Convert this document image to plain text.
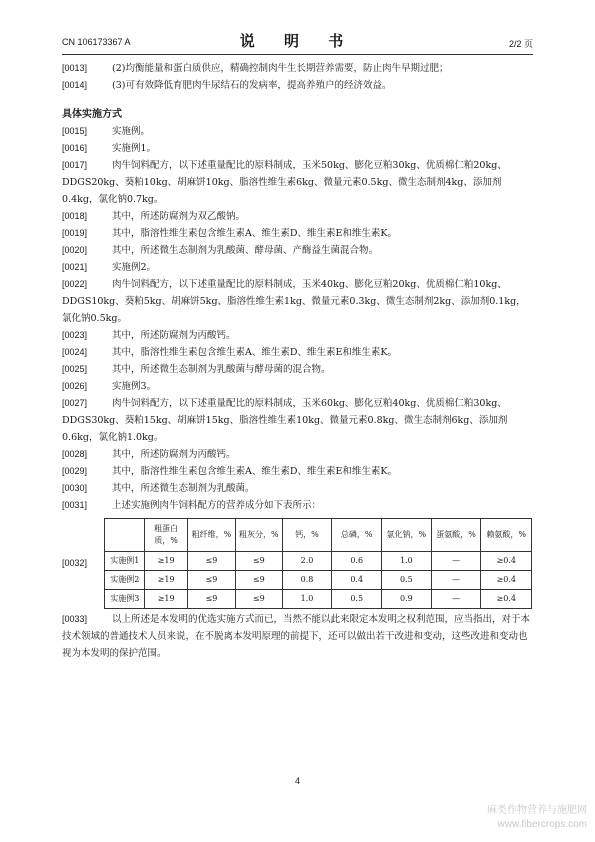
CN 106173367 A	说 明 书	2/2 页

[0013]	(2)均衡能量和蛋白质供应，精确控制肉牛生长期营养需要，防止肉牛早期过肥；

[0014]	(3)可有效降低育肥肉牛尿结石的发病率，提高养殖户的经济效益。

具体实施方式

[0015]	实施例。

[0016]	实施例1。

[0017]	肉牛饲料配方，以下述重量配比的原料制成，玉米50kg、膨化豆粕30kg、优质棉仁粕20kg、DDGS20kg、葵粕10kg、胡麻饼10kg、脂溶性维生素6kg、微量元素0.5kg、微生态制剂4kg、添加剂0.4kg，氯化钠0.7kg。

[0018]	其中，所述防腐剂为双乙酸钠。

[0019]	其中，脂溶性维生素包含维生素A、维生素D、维生素E和维生素K。

[0020]	其中，所述微生态制剂为乳酸菌、酵母菌、产酶益生菌混合物。

[0021]	实施例2。

[0022]	肉牛饲料配方，以下述重量配比的原料制成，玉米40kg、膨化豆粕20kg、优质棉仁粕10kg、DDGS10kg、葵粕5kg、胡麻饼5kg、脂溶性维生素1kg、微量元素0.3kg、微生态制剂2kg、添加剂0.1kg，氯化钠0.5kg。

[0023]	其中，所述防腐剂为丙酸钙。

[0024]	其中，脂溶性维生素包含维生素A、维生素D、维生素E和维生素K。

[0025]	其中，所述微生态制剂为乳酸菌与酵母菌的混合物。

[0026]	实施例3。

[0027]	肉牛饲料配方，以下述重量配比的原料制成，玉米60kg、膨化豆粕40kg、优质棉仁粕30kg、DDGS30kg、葵粕15kg、胡麻饼15kg、脂溶性维生素10kg、微量元素0.8kg、微生态制剂6kg、添加剂0.6kg，氯化钠1.0kg。

[0028]	其中，所述防腐剂为丙酸钙。

[0029]	其中，脂溶性维生素包含维生素A、维生素D、维生素E和维生素K。

[0030]	其中，所述微生态制剂为乳酸菌。

[0031]	上述实施例肉牛饲料配方的营养成分如下表所示：

[0032]
	粗蛋白质，%	粗纤维，%	粗灰分，%	钙，%	总磷，%	氯化钠，%	蛋氨酸，%	赖氨酸，%
实施例1	≥19	≤9	≤9	2.0	0.6	1.0	—	≥0.4
实施例2	≥19	≤9	≤9	0.8	0.4	0.5	—	≥0.4
实施例3	≥19	≤9	≤9	1.0	0.5	0.9	—	≥0.4

[0033]	以上所述是本发明的优选实施方式而已，当然不能以此来限定本发明之权利范围，应当指出，对于本技术领域的普通技术人员来说，在不脱离本发明原理的前提下，还可以做出若干改进和变动，这些改进和变动也视为本发明的保护范围。

4
麻类作物营养与施肥网
www.fibercrops.com
